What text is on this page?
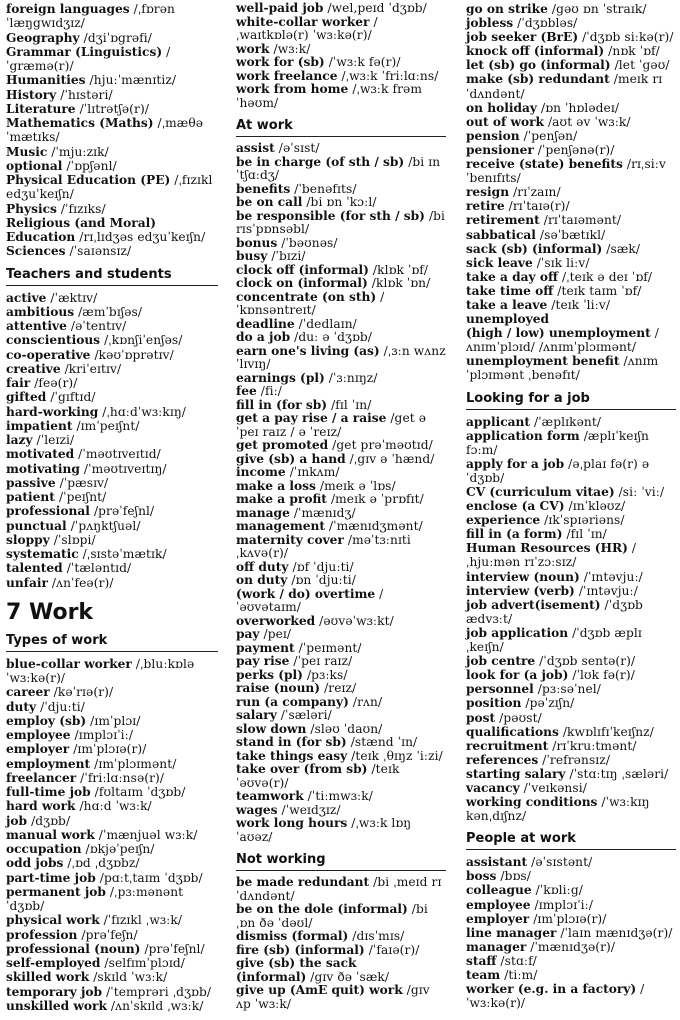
foreign languages /ˌfɒrən ˈlæŋgwɪdʒɪz/
Geography /dʒiˈɒgrəfi/
Grammar (Linguistics) /ˈgræmə(r)/
Humanities /hjuːˈmænɪtiz/
History /ˈhɪstəri/
Literature /ˈlɪtrətʃə(r)/
Mathematics (Maths) /ˌmæθəˈmætɪks/
Music /ˈmjuːzɪk/
optional /ˈɒpʃənl/
Physical Education (PE) /ˌfɪzɪkl edʒuˈkeɪʃn/
Physics /ˈfɪzɪks/
Religious (and Moral) Education /rɪˌlɪdʒəs edʒuˈkeɪʃn/
Sciences /ˈsaɪənsɪz/
Teachers and students
active /ˈæktɪv/
ambitious /æmˈbɪʃəs/
attentive /əˈtentɪv/
conscientious /ˌkɒnʃiˈenʃəs/
co-operative /kəʊˈɒprətɪv/
creative /kriˈeɪtɪv/
fair /feə(r)/
gifted /ˈgɪftɪd/
hard-working /ˌhɑːdˈwɜːkɪŋ/
impatient /ɪmˈpeɪʃnt/
lazy /ˈleɪzi/
motivated /ˈməʊtɪveɪtɪd/
motivating /ˈməʊtɪveɪtɪŋ/
passive /ˈpæsɪv/
patient /ˈpeɪʃnt/
professional /prəˈfeʃnl/
punctual /ˈpʌŋktʃuəl/
sloppy /ˈslɒpi/
systematic /ˌsɪstəˈmætɪk/
talented /ˈtæləntɪd/
unfair /ʌnˈfeə(r)/
7 Work
Types of work
blue-collar worker /ˌbluːkɒlə ˈwɜːkə(r)/
career /kəˈrɪə(r)/
duty /ˈdjuːti/
employ (sb) /ɪmˈplɔɪ/
employee /ɪmplɔɪˈiː/
employer /ɪmˈplɔɪə(r)/
employment /ɪmˈplɔɪmənt/
freelancer /ˈfriːlɑːnsə(r)/
full-time job /fʊltaɪm ˈdʒɒb/
hard work /hɑːd ˈwɜːk/
job /dʒɒb/
manual work /ˈmænjuəl wɜːk/
occupation /ɒkjəˈpeɪʃn/
odd jobs /ˌɒd ˌdʒɒbz/
part-time job /pɑːtˌtaɪm ˈdʒɒb/
permanent job /ˌpɜːmənənt ˈdʒɒb/
physical work /ˈfɪzɪkl ˌwɜːk/
profession /prəˈfeʃn/
professional (noun) /prəˈfeʃnl/
self-employed /selfɪmˈplɔɪd/
skilled work /skɪld ˈwɜːk/
temporary job /ˈtemprəri ˌdʒɒb/
unskilled work /ʌnˈskɪld ˌwɜːk/
well-paid job /wel,peɪd ˈdʒɒb/
white-collar worker /ˌwaɪtkɒlə(r) ˈwɜːkə(r)/
work /wɜːk/
work for (sb) /ˈwɜːk fə(r)/
work freelance /ˌwɜːk ˈfriːlɑːns/
work from home /ˌwɜːk frəm ˈhəʊm/
At work
assist /əˈsɪst/
be in charge (of sth / sb) /bi ɪn ˈtʃɑːdʒ/
benefits /ˈbenəfɪts/
be on call /bi ɒn ˈkɔːl/
be responsible (for sth / sb) /bi rɪsˈpɒnsəbl/
bonus /ˈbəʊnəs/
busy /ˈbɪzi/
clock off (informal) /klɒk ˈɒf/
clock on (informal) /klɒk ˈɒn/
concentrate (on sth) /ˈkɒnsəntreɪt/
deadline /ˈdedlaɪn/
do a job /duː ə ˈdʒɒb/
earn one's living (as) /ˌɜːn wʌnz ˈlɪvɪŋ/
earnings (pl) /ˈɜːnɪŋz/
fee /fiː/
fill in (for sb) /fɪl ˈɪn/
get a pay rise / a raise /get ə ˈpeɪ raɪz / ə ˈreɪz/
get promoted /get prəˈməʊtɪd/
give (sb) a hand /ˌgɪv ə ˈhænd/
income /ˈɪnkʌm/
make a loss /meɪk ə ˈlɒs/
make a profit /meɪk ə ˈprɒfɪt/
manage /ˈmænɪdʒ/
management /ˈmænɪdʒmənt/
maternity cover /məˈtɜːnɪti ˌkʌvə(r)/
off duty /ɒf ˈdjuːti/
on duty /ɒn ˈdjuːti/
(work / do) overtime /ˈəʊvətaɪm/
overworked /əʊvəˈwɜːkt/
pay /peɪ/
payment /ˈpeɪmənt/
pay rise /ˈpeɪ raɪz/
perks (pl) /pɜːks/
raise (noun) /reɪz/
run (a company) /rʌn/
salary /ˈsæləri/
slow down /sləʊ ˈdaʊn/
stand in (for sb) /stænd ˈɪn/
take things easy /teɪk ˌθɪŋz ˈiːzi/
take over (from sb) /teɪk ˈəʊvə(r)/
teamwork /ˈtiːmwɜːk/
wages /ˈweɪdʒɪz/
work long hours /ˌwɜːk lɒŋ ˈaʊəz/
Not working
be made redundant /bi ˌmeɪd rɪˈdʌndənt/
be on the dole (informal) /bi ˌɒn ðə ˈdəʊl/
dismiss (formal) /dɪsˈmɪs/
fire (sb) (informal) /ˈfaɪə(r)/
give (sb) the sack (informal) /gɪv ðə ˈsæk/
give up (AmE quit) work /gɪv ʌp ˈwɜːk/
go on strike /gəʊ ɒn ˈstraɪk/
jobless /ˈdʒɒbləs/
job seeker (BrE) /ˈdʒɒb siːkə(r)/
knock off (informal) /nɒk ˈɒf/
let (sb) go (informal) /let ˈgəʊ/
make (sb) redundant /meɪk rɪˈdʌndənt/
on holiday /ɒn ˈhɒlədeɪ/
out of work /aʊt əv ˈwɜːk/
pension /ˈpenʃən/
pensioner /ˈpenʃənə(r)/
receive (state) benefits /rɪˌsiːv ˈbenɪfɪts/
resign /rɪˈzaɪn/
retire /rɪˈtaɪə(r)/
retirement /rɪˈtaɪəmənt/
sabbatical /səˈbætɪkl/
sack (sb) (informal) /sæk/
sick leave /ˈsɪk liːv/
take a day off /ˌteɪk ə deɪ ˈɒf/
take time off /teɪk taɪm ˈɒf/
take a leave /teɪk ˈliːv/
unemployed
(high / low) unemployment /ʌnɪmˈplɔɪd/ /ʌnɪmˈplɔɪmənt/
unemployment benefit /ʌnɪmˈplɔɪmənt ˌbenəfɪt/
Looking for a job
applicant /ˈæplɪkənt/
application form /æplɪˈkeɪʃn fɔːm/
apply for a job /əˌplaɪ fə(r) ə ˈdʒɒb/
CV (curriculum vitae) /siː ˈviː/
enclose (a CV) /ɪnˈkləʊz/
experience /ɪkˈspɪəriəns/
fill in (a form) /fɪl ˈɪn/
Human Resources (HR) /ˌhjuːmən rɪˈzɔːsɪz/
interview (noun) /ˈɪntəvjuː/
interview (verb) /ˈɪntəvjuː/
job advert(isement) /ˈdʒɒb ædvɜːt/
job application /ˈdʒɒb æplɪˌkeɪʃn/
job centre /ˈdʒɒb sentə(r)/
look for (a job) /ˈlʊk fə(r)/
personnel /pɜːsəˈnel/
position /pəˈzɪʃn/
post /pəʊst/
qualifications /kwɒlɪfɪˈkeɪʃnz/
recruitment /rɪˈkruːtmənt/
references /ˈrefrənsɪz/
starting salary /ˈstɑːtɪŋ ˌsæləri/
vacancy /ˈveɪkənsi/
working conditions /ˈwɜːkɪŋ kənˌdɪʃnz/
People at work
assistant /əˈsɪstənt/
boss /bɒs/
colleague /ˈkɒliːg/
employee /ɪmplɔɪˈiː/
employer /ɪmˈplɔɪə(r)/
line manager /ˈlaɪn mænɪdʒə(r)/
manager /ˈmænɪdʒə(r)/
staff /stɑːf/
team /tiːm/
worker (e.g. in a factory) /ˈwɜːkə(r)/
